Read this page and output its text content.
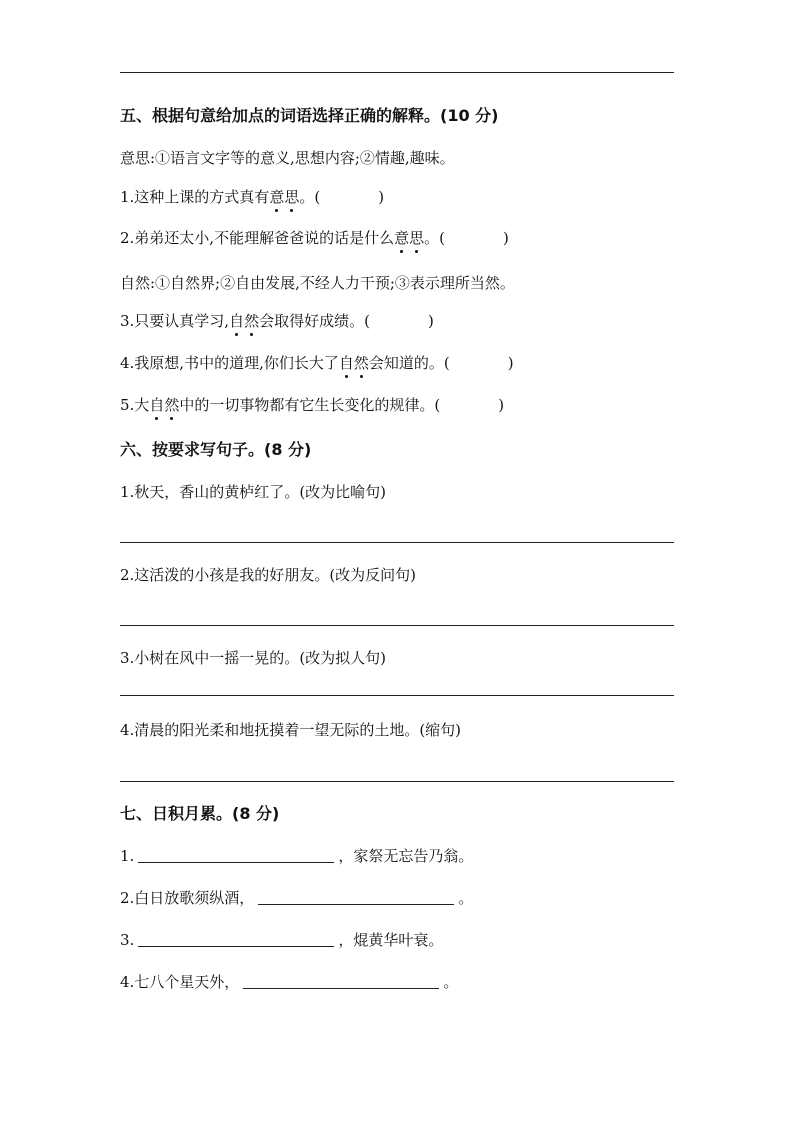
五、根据句意给加点的词语选择正确的解释。(10 分)
意思:①语言文字等的意义,思想内容;②情趣,趣味。
1.这种上课的方式真有意思。(	)
2.弟弟还太小,不能理解爸爸说的话是什么意思。(	)
自然:①自然界;②自由发展,不经人力干预;③表示理所当然。
3.只要认真学习,自然会取得好成绩。(	)
4.我原想,书中的道理,你们长大了自然会知道的。(	)
5.大自然中的一切事物都有它生长变化的规律。(	)
六、按要求写句子。(8 分)
1.秋天，香山的黄栌红了。(改为比喻句)
2.这活泼的小孩是我的好朋友。(改为反问句)
3.小树在风中一摇一晃的。(改为拟人句)
4.清晨的阳光柔和地抚摸着一望无际的土地。(缩句)
七、日积月累。(8 分)
1.	，家祭无忘告乃翁。
2.白日放歌须纵酒，	。
3.	，焜黄华叶衰。
4.七八个星天外，	。
